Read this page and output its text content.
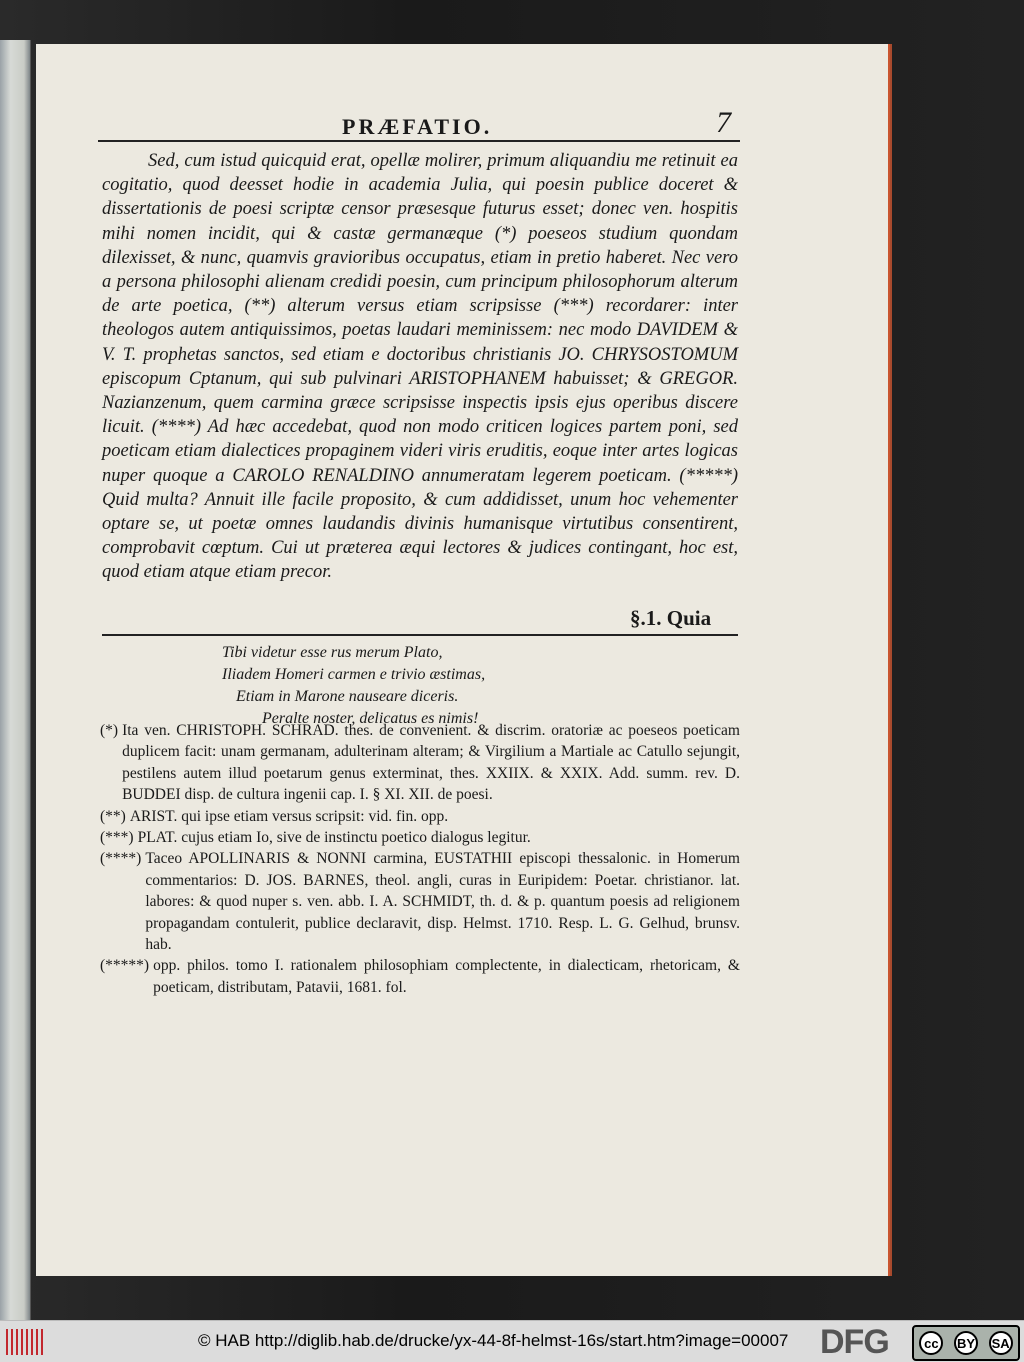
PRÆFATIO.	7

Sed, cum istud quicquid erat, opellæ molirer, primum aliquandiu me retinuit ea cogitatio, quod deesset hodie in academia Julia, qui poesin publice doceret & dissertationis de poesi scriptæ censor præsesque futurus esset; donec ven. hospitis mihi nomen incidit, qui & castæ germanæque (*) poeseos studium quondam dilexisset, & nunc, quamvis gravioribus occupatus, etiam in pretio haberet. Nec vero a persona philosophi alienam credidi poesin, cum principum philosophorum alterum de arte poetica, (**) alterum versus etiam scripsisse (***) recordarer: inter theologos autem antiquissimos, poetas laudari meminissem: nec modo DAVIDEM & V. T. prophetas sanctos, sed etiam e doctoribus christianis JO. CHRYSOSTOMUM episcopum Cptanum, qui sub pulvinari ARISTOPHANEM habuisset; & GREGOR. Nazianzenum, quem carmina græce scripsisse inspectis ipsis ejus operibus discere licuit. (****) Ad hæc accedebat, quod non modo criticen logices partem poni, sed poeticam etiam dialectices propaginem videri viris eruditis, eoque inter artes logicas nuper quoque a CAROLO RENALDINO annumeratam legerem poeticam. (*****) Quid multa? Annuit ille facile proposito, & cum addidisset, unum hoc vehementer optare se, ut poetæ omnes laudandis divinis humanisque virtutibus consentirent, comprobavit cœptum. Cui ut præterea æqui lectores & judices contingant, hoc est, quod etiam atque etiam precor.

§.1. Quia
Tibi videtur esse rus merum Plato,
Iliadem Homeri carmen e trivio æstimas,
Etiam in Marone nauseare diceris.
Peralte noster, delicatus es nimis!
(*) Ita ven. CHRISTOPH. SCHRAD. thes. de convenient. & discrim. oratoriæ ac poeseos poeticam duplicem facit: unam germanam, adulterinam alteram; & Virgilium a Martiale ac Catullo sejungit, pestilens autem illud poetarum genus exterminat, thes. XXIIX. & XXIX. Add. summ. rev. D. BUDDEI disp. de cultura ingenii cap. I. § XI. XII. de poesi.
(**) ARIST. qui ipse etiam versus scripsit: vid. fin. opp.
(***) PLAT. cujus etiam Io, sive de instinctu poetico dialogus legitur.
(****) Taceo APOLLINARIS & NONNI carmina, EUSTATHII episcopi thessalonic. in Homerum commentarios: D. JOS. BARNES, theol. angli, curas in Euripidem: Poetar. christianor. lat. labores: & quod nuper s. ven. abb. I. A. SCHMIDT, th. d. & p. quantum poesis ad religionem propagandam contulerit, publice declaravit, disp. Helmst. 1710. Resp. L. G. Gelhud, brunsv. hab.
(*****) opp. philos. tomo I. rationalem philosophiam complectente, in dialecticam, rhetoricam, & poeticam, distributam, Patavii, 1681. fol.
© HAB http://diglib.hab.de/drucke/yx-44-8f-helmst-16s/start.htm?image=00007 DFG	cc	BY SA
